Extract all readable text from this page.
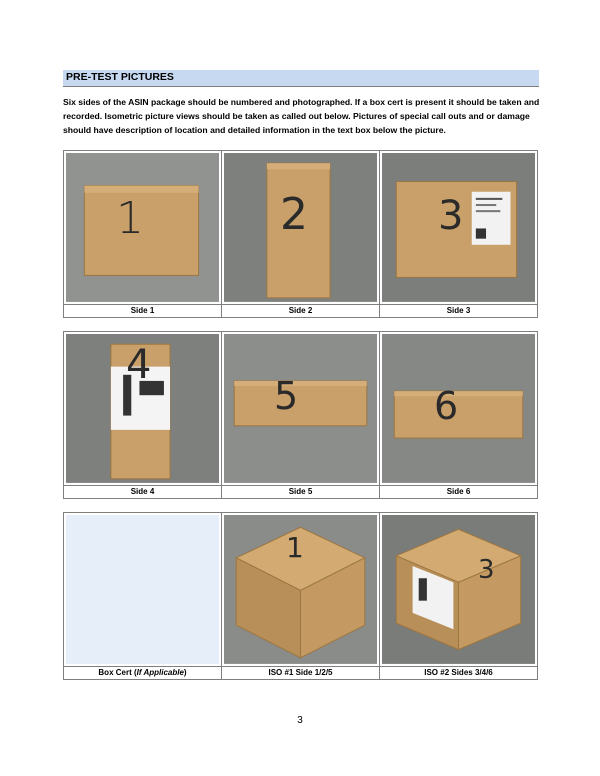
PRE-TEST PICTURES
Six sides of the ASIN package should be numbered and photographed. If a box cert is present it should be taken and recorded. Isometric picture views should be taken as called out below. Pictures of special call outs and or damage should have description of location and detailed information in the text box below the picture.
1	2	3

Side 1	Side 2	Side 3
4	5	6

Side 4	Side 5	Side 6

	1	3

Box Cert (If Applicable)	ISO #1 Side 1/2/5	ISO #2 Sides 3/4/6
3
